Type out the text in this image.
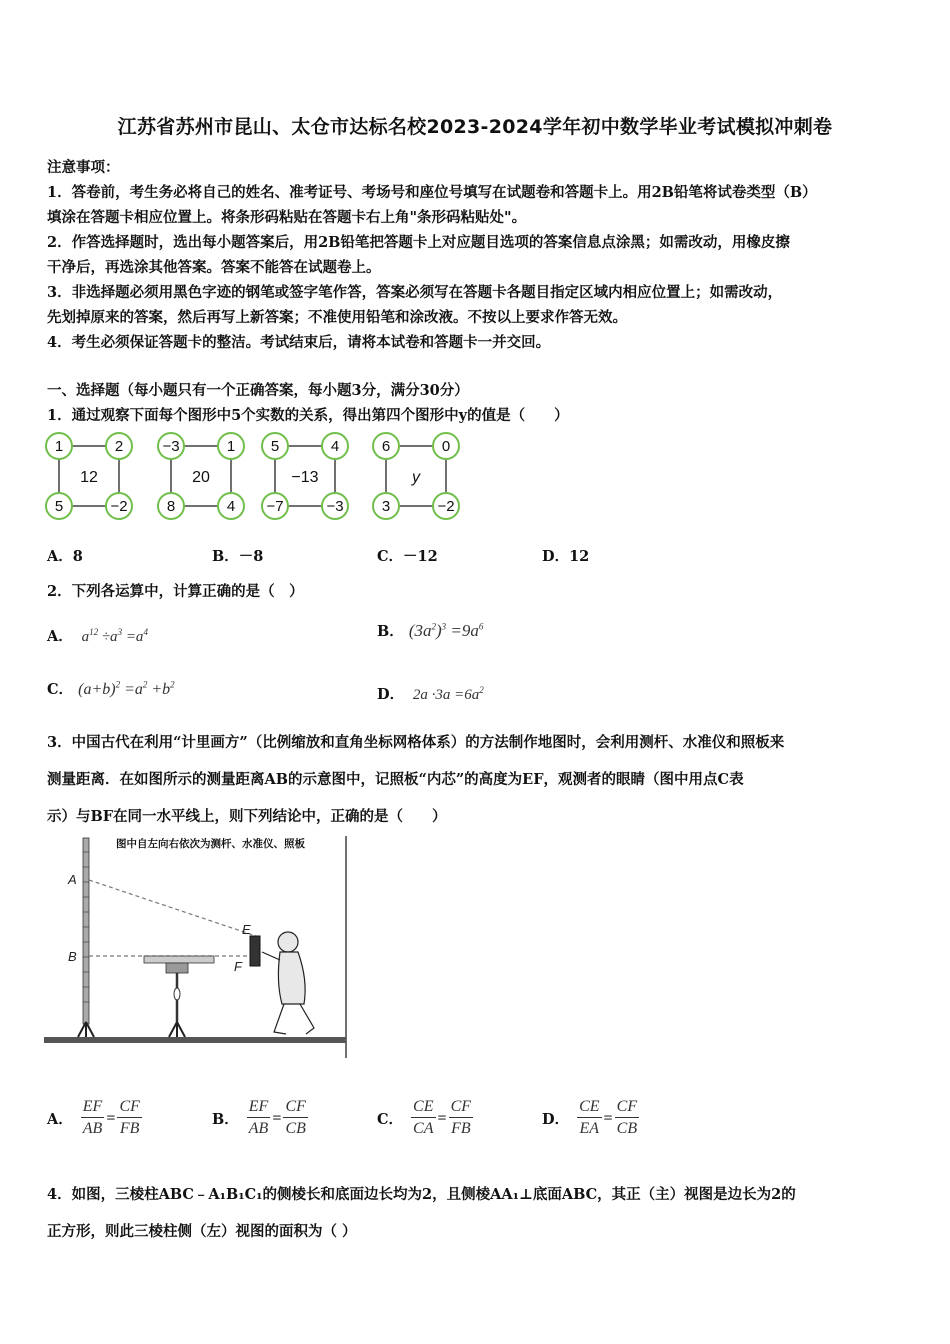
江苏省苏州市昆山、太仓市达标名校2023-2024学年初中数学毕业考试模拟冲刺卷
注意事项：
1．答卷前，考生务必将自己的姓名、准考证号、考场号和座位号填写在试题卷和答题卡上。用2B铅笔将试卷类型（B）
填涂在答题卡相应位置上。将条形码粘贴在答题卡右上角"条形码粘贴处"。
2．作答选择题时，选出每小题答案后，用2B铅笔把答题卡上对应题目选项的答案信息点涂黑；如需改动，用橡皮擦
干净后，再选涂其他答案。答案不能答在试题卷上。
3．非选择题必须用黑色字迹的钢笔或签字笔作答，答案必须写在答题卡各题目指定区域内相应位置上；如需改动，
先划掉原来的答案，然后再写上新答案；不准使用铅笔和涂改液。不按以上要求作答无效。
4．考生必须保证答题卡的整洁。考试结束后，请将本试卷和答题卡一并交回。
一、选择题（每小题只有一个正确答案，每小题3分，满分30分）
1．通过观察下面每个图形中5个实数的关系，得出第四个图形中y的值是（　　）
1	2
5	−2
12
−3	1
8	4
20
5	4
−7	−3
−13
6	0
3	−2
y
A．8	B．－8	C．－12	D．12
2．下列各运算中，计算正确的是（　）
A．  $a^{12} \div a^3 =a^4$	B． $(3a^2)^3 =9a^6$
C． $(a+b)^2 =a^2 +b^2$
D．  $2a \cdot 3a =6a^2$
3．中国古代在利用“计里画方”（比例缩放和直角坐标网格体系）的方法制作地图时，会利用测杆、水准仪和照板来
测量距离．在如图所示的测量距离AB的示意图中，记照板“内芯”的高度为EF，观测者的眼睛（图中用点C表
示）与BF在同一水平线上，则下列结论中，正确的是（　　）
图中自左向右依次为测杆、水准仪、照板
A
B
E
F
A． $\frac{EF}{AB} = \frac{CF}{FB}$	B． $\frac{EF}{AB} = \frac{CF}{CB}$	C． $\frac{CE}{CA} = \frac{CF}{FB}$	D． $\frac{CE}{EA} = \frac{CF}{CB}$
4．如图，三棱柱ABC﹣A₁B₁C₁的侧棱长和底面边长均为2，且侧棱AA₁⊥底面ABC，其正（主）视图是边长为2的
正方形，则此三棱柱侧（左）视图的面积为（ ）
